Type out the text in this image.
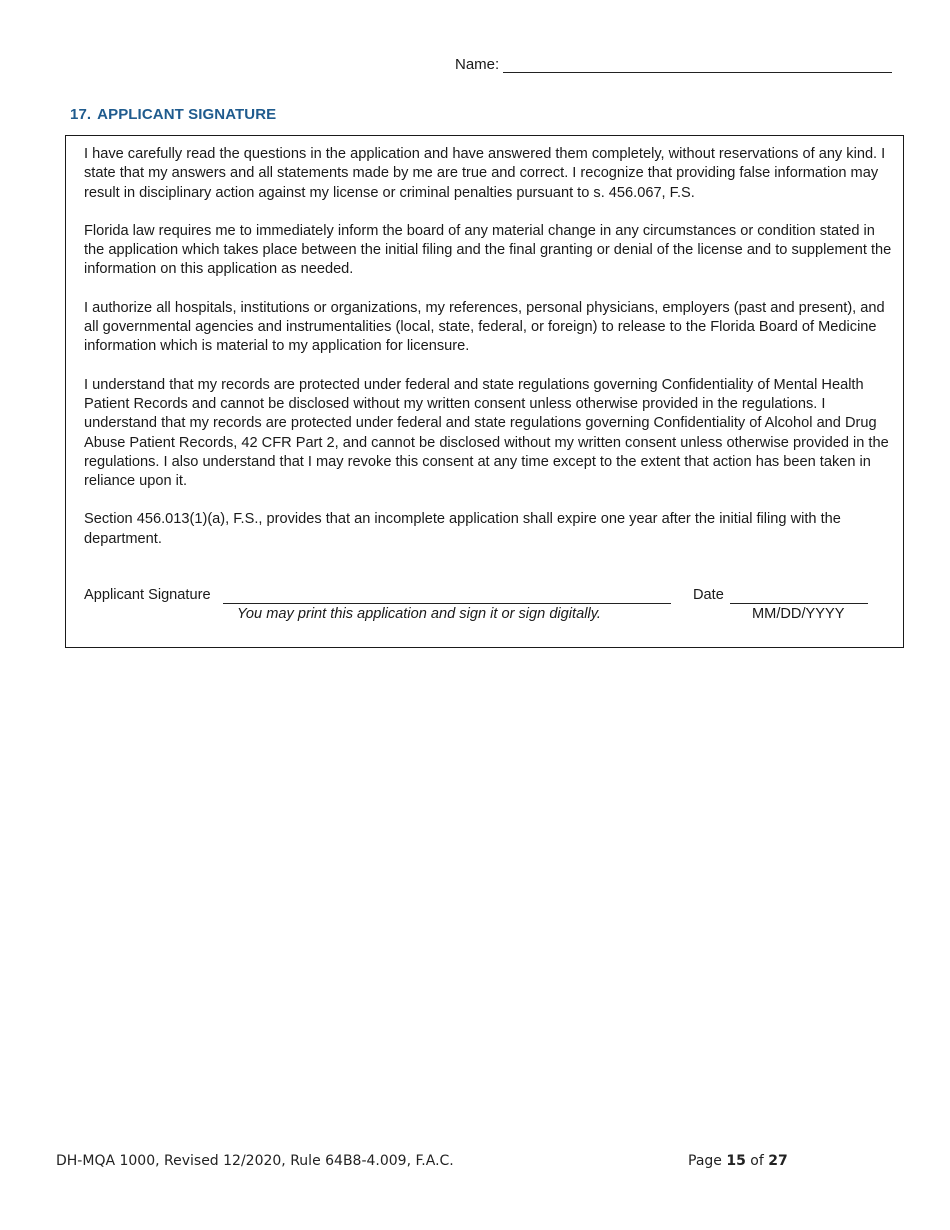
Name:
17. APPLICANT SIGNATURE

I have carefully read the questions in the application and have answered them completely, without reservations of any kind. I state that my answers and all statements made by me are true and correct. I recognize that providing false information may result in disciplinary action against my license or criminal penalties pursuant to s. 456.067, F.S.

Florida law requires me to immediately inform the board of any material change in any circumstances or condition stated in the application which takes place between the initial filing and the final granting or denial of the license and to supplement the information on this application as needed.

I authorize all hospitals, institutions or organizations, my references, personal physicians, employers (past and present), and all governmental agencies and instrumentalities (local, state, federal, or foreign) to release to the Florida Board of Medicine information which is material to my application for licensure.

I understand that my records are protected under federal and state regulations governing Confidentiality of Mental Health Patient Records and cannot be disclosed without my written consent unless otherwise provided in the regulations. I understand that my records are protected under federal and state regulations governing Confidentiality of Alcohol and Drug Abuse Patient Records, 42 CFR Part 2, and cannot be disclosed without my written consent unless otherwise provided in the regulations. I also understand that I may revoke this consent at any time except to the extent that action has been taken in reliance upon it.

Section 456.013(1)(a), F.S., provides that an incomplete application shall expire one year after the initial filing with the department.

Applicant Signature	Date
You may print this application and sign it or sign digitally.	MM/DD/YYYY
DH-MQA 1000, Revised 12/2020, Rule 64B8-4.009, F.A.C.	Page 15 of 27
